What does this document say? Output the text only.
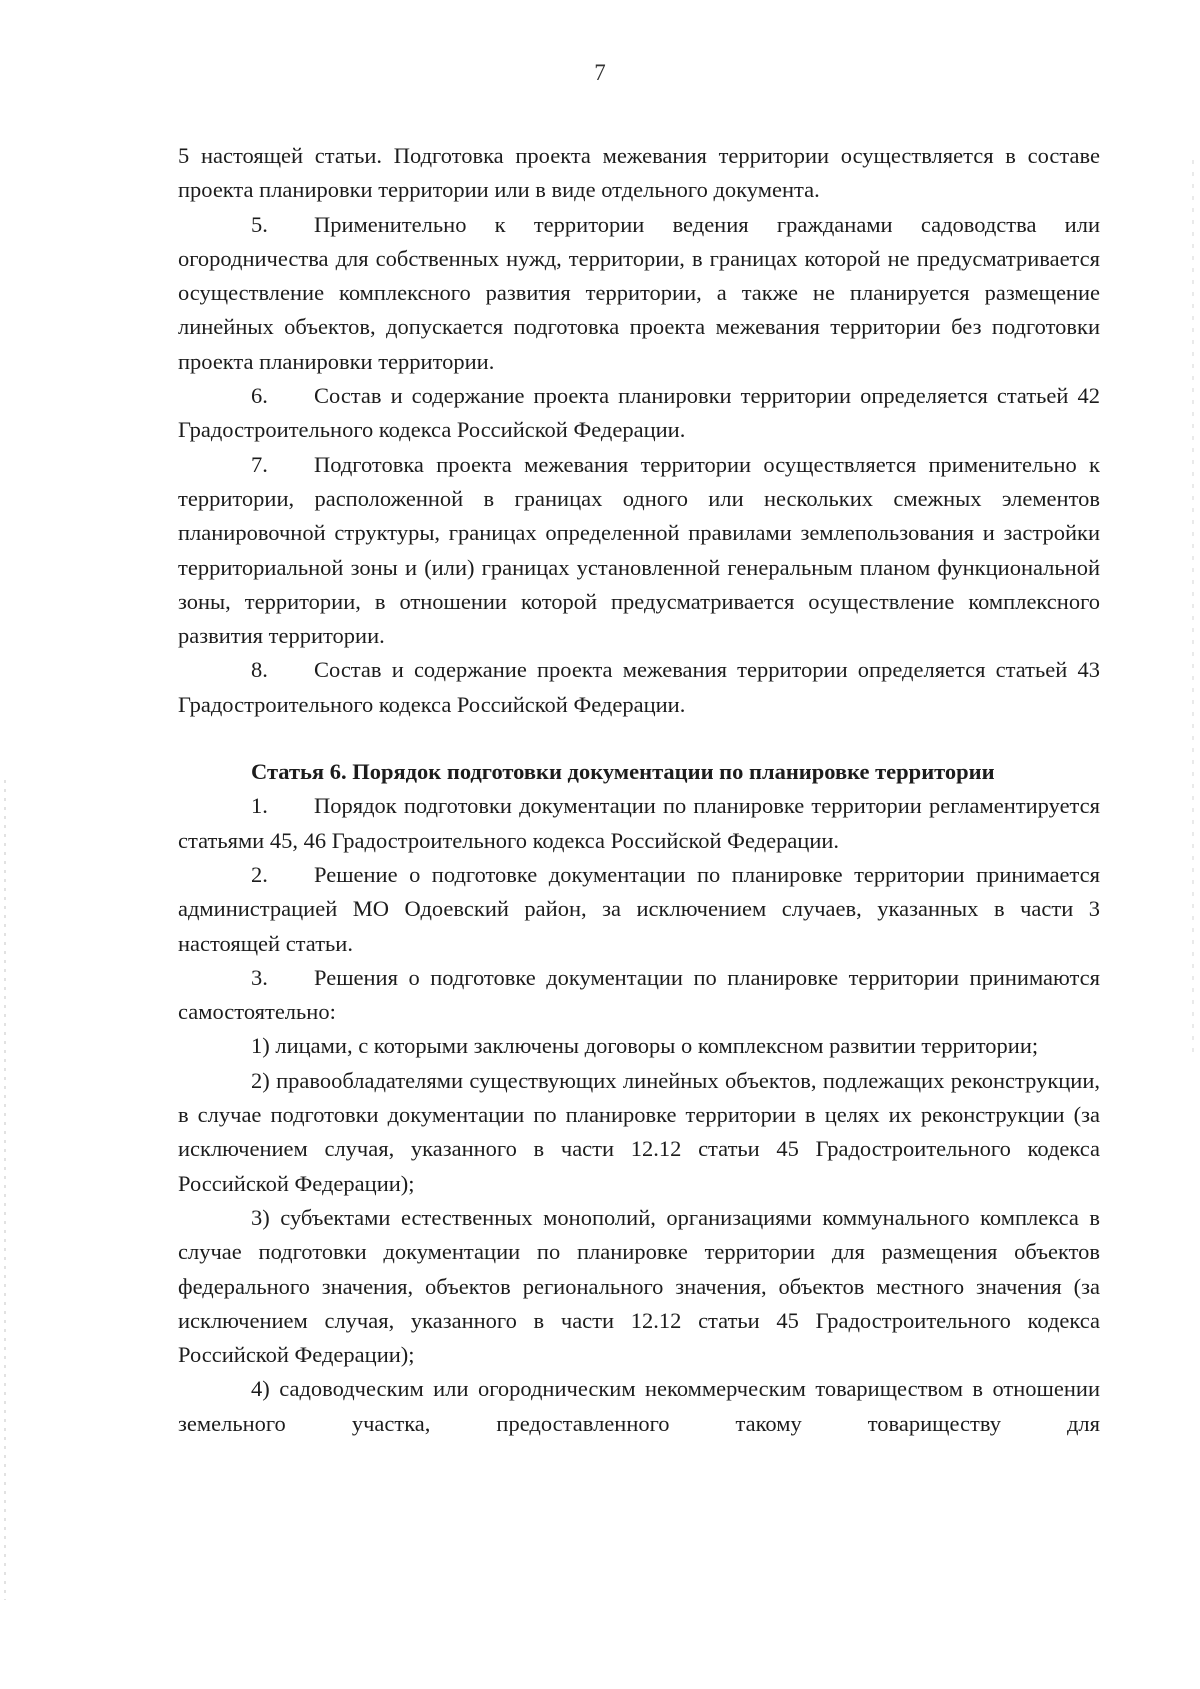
7

5 настоящей статьи. Подготовка проекта межевания территории осуществляется в составе проекта планировки территории или в виде отдельного документа.

5. Применительно к территории ведения гражданами садоводства или огородничества для собственных нужд, территории, в границах которой не предусматривается осуществление комплексного развития территории, а также не планируется размещение линейных объектов, допускается подготовка проекта межевания территории без подготовки проекта планировки территории.

6. Состав и содержание проекта планировки территории определяется статьей 42 Градостроительного кодекса Российской Федерации.

7. Подготовка проекта межевания территории осуществляется применительно к территории, расположенной в границах одного или нескольких смежных элементов планировочной структуры, границах определенной правилами землепользования и застройки территориальной зоны и (или) границах установленной генеральным планом функциональной зоны, территории, в отношении которой предусматривается осуществление комплексного развития территории.

8. Состав и содержание проекта межевания территории определяется статьей 43 Градостроительного кодекса Российской Федерации.

Статья 6. Порядок подготовки документации по планировке территории

1. Порядок подготовки документации по планировке территории регламентируется статьями 45, 46 Градостроительного кодекса Российской Федерации.

2. Решение о подготовке документации по планировке территории принимается администрацией МО Одоевский район, за исключением случаев, указанных в части 3 настоящей статьи.

3. Решения о подготовке документации по планировке территории принимаются самостоятельно:

1) лицами, с которыми заключены договоры о комплексном развитии территории;

2) правообладателями существующих линейных объектов, подлежащих реконструкции, в случае подготовки документации по планировке территории в целях их реконструкции (за исключением случая, указанного в части 12.12 статьи 45 Градостроительного кодекса Российской Федерации);

3) субъектами естественных монополий, организациями коммунального комплекса в случае подготовки документации по планировке территории для размещения объектов федерального значения, объектов регионального значения, объектов местного значения (за исключением случая, указанного в части 12.12 статьи 45 Градостроительного кодекса Российской Федерации);

4) садоводческим или огородническим некоммерческим товариществом в отношении земельного участка, предоставленного такому товариществу для
